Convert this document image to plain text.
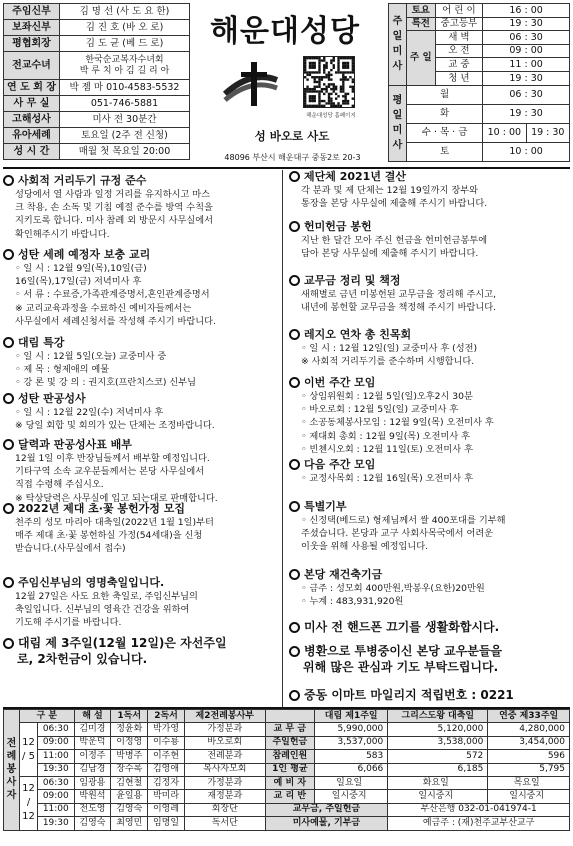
주임신부	김 명 선 (사 도 요 한)
보좌신부	김 진 호 (바 오 로)
평협회장	김 도 균 (베 드 로)
전교수녀	한국순교복자수녀회
박 루 치 아 김 길 리 아

연 도 회 장	박 젬 마 010-4583-5532
사 무 실	051-746-5881
고해성사	미사 전 30분간
유아세례	토요일 (2주 전 신청)
성 시 간	매월 첫 목요일 20:00
해운대성당
해운대성당 홈페이지
성 바오로 사도
48096 부산시 해운대구 중동2로 20-3
주 일 미 사	토요	어 린 이	16 : 00	
	특전	중고등부	19 : 30	
	주 일	새 벽	06 : 30	
		오 전	09 : 00	
		교 중	11 : 00	
		청 년	19 : 30	
평 일 미 사	월		06 : 30	
	화		19 : 30	
	수 · 목 · 금		10 : 00	19 : 30
	토		10 : 00	
사회적 거리두기 규정 준수

성당에서 열 사람과 일정 거리를 유지하시고 마스

크 착용, 손 소독 및 기침 예절 준수를 방역 수칙을

지키도록 합니다. 미사 참례 외 방문시 사무실에서

확인해주시기 바랍니다.

성탄 세례 예정자 보충 교리

◦ 일 시 : 12월 9일(목),10일(금)

16일(목),17일(금) 저녁미사 후

◦ 서 류 : 수료증,가족관계증명서,혼인관계증명서

※ 교리교육과정을 수료하신 예비자들께서는

사무실에서 세례신청서를 작성해 주시기 바랍니다.

대림 특강

◦ 일 시 : 12월 5일(오늘) 교중미사 중

◦ 제 목 : 형제애의 예물

◦ 강 론 및 강 의 : 권지호(프란치스코) 신부님

성탄 판공성사

◦ 일 시 : 12월 22일(수) 저녁미사 후

※ 당일 회합 및 회의가 있는 단체는 조정바랍니다.

달력과 판공성사표 배부

12월 1일 이후 반장님들께서 배부할 예정입니다.

기타구역 소속 교우분들께서는 본당 사무실에서

직접 수령해 주십시오.

※ 탁상달력은 사무실에 입고 되는대로 판매합니다.

2022년 제대 초·꽃 봉헌가정 모집

천주의 성모 마리아 대축일(2022년 1월 1일)부터

매주 제대 초·꽃 봉헌하실 가정(54세대)을 신청

받습니다.(사무실에서 접수)

주임신부님의 영명축일입니다.

12월 27일은 사도 요한 축일로, 주임신부님의

축일입니다. 신부님의 영육간 건강을 위하여

기도해 주시기를 바랍니다.

대림 제 3주일(12월 12일)은 자선주일

로, 2차헌금이 있습니다.

제단체 2021년 결산

각 분과 및 제 단체는 12월 19일까지 장부와

통장을 본당 사무실에 제출해 주시기 바랍니다.

헌미헌금 봉헌

지난 한 달간 모아 주신 헌금을 헌미헌금봉투에

담아 본당 사무실에 제출해 주시기 바랍니다.

교무금 정리 및 책정

새해별로 금년 미봉헌된 교무금을 정리해 주시고,

내년에 봉헌할 교무금을 책정해 주시기 바랍니다.

레지오 연차 총 친목회

◦ 일 시 : 12월 12일(일) 교중미사 후 (성전)

※ 사회적 거리두기를 준수하며 시행합니다.

이번 주간 모임

◦ 상임위원회 : 12월 5일(일)오후2시 30분

◦ 바오로회 : 12월 5일(일) 교중미사 후

◦ 소공동체봉사모임 : 12월 9일(목) 오전미사 후

◦ 제대회 총회 : 12월 9일(목) 오전미사 후

◦ 빈첸시오회 : 12월 11일(토) 오전미사 후

다음 주간 모임

◦ 교정사목회 : 12월 16일(목) 오전미사 후

특별기부

◦ 신정택(베드로) 형제님께서 쌀 400포대를 기부해

주셨습니다. 본당과 교구 사회사목국에서 어려운

이웃을 위해 사용될 예정입니다.

본당 재건축기금

◦ 금주 : 성모회 400만원,박봉우(요한)20만원

◦ 누계 : 483,931,920원

미사 전 핸드폰 끄기를 생활화합시다.
병환으로 투병중이신 본당 교우분들을

위해 많은 관심과 기도 부탁드립니다.

중동 이마트 마일리지 적립번호 : 0221
전 례 봉 사 자	구 분		해 설	1독서	2독서	제2전례봉사부		대림 제1주일	그리스도왕 대축일	연중 제33주일
	12 / 5	06:30	김미경	정윤화	박가영	가정분과	교 무 금	5,990,000	5,120,000	4,280,000
		09:00	박운덕	이정영	이수룡	바오로회	주일헌금	3,537,000	3,538,000	3,454,000
		11:00	이정주	박병주	이주현	전례분과	참례인원	583	572	596
		19:30	김남경	장수록	김영애	복사자모회	1인 평균	6,066	6,185	5,795
	12 / 12	06:30	임광용	김현철	김정자	가정분과	예 비 자	일요일	화요일	목요일
		09:00	박원석	윤일용	박미라	재정분과	교 리 반	일시중지	일시중지	일시중지
		11:00	전도영	김영숙	이영례	회장단	교무금, 주일헌금		부산은행 032-01-041974-1	
		19:30	김영숙	최영민	임명일	독서단	미사예물, 기부금		예금주 : (재)천주교부산교구	
